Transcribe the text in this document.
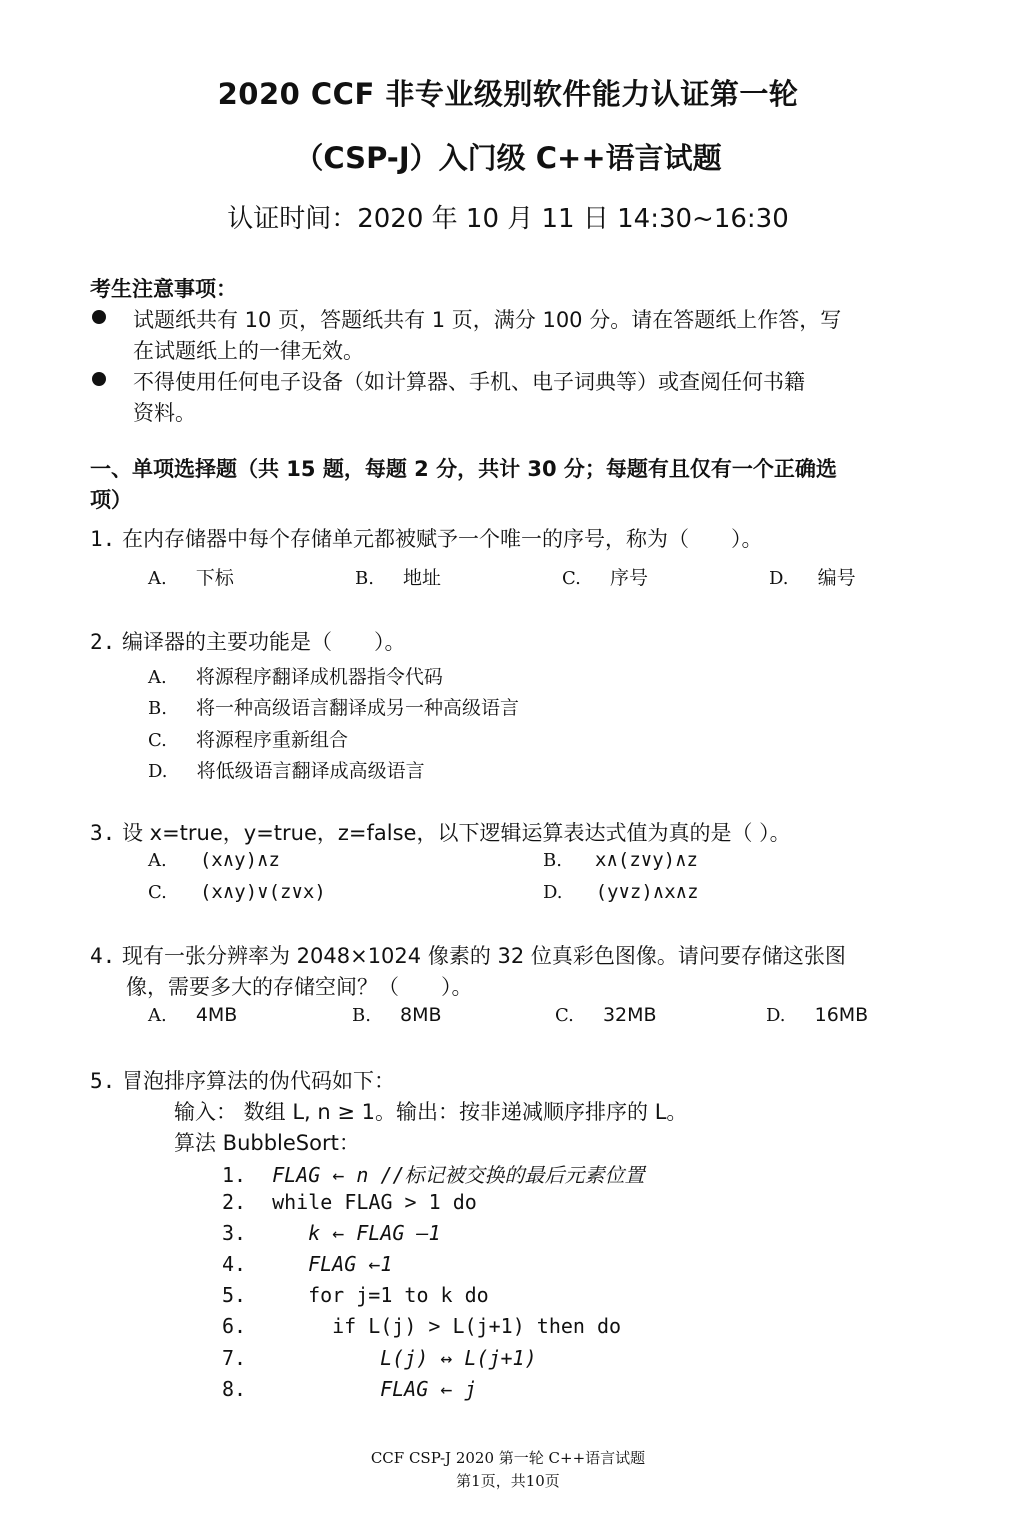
2020 CCF 非专业级别软件能力认证第一轮
（CSP-J）入门级 C++语言试题
认证时间：2020 年 10 月 11 日 14:30~16:30
考生注意事项：
试题纸共有 10 页，答题纸共有 1 页，满分 100 分。请在答题纸上作答，写
在试题纸上的一律无效。
不得使用任何电子设备（如计算器、手机、电子词典等）或查阅任何书籍
资料。
一、单项选择题（共 15 题，每题 2 分，共计 30 分；每题有且仅有一个正确选
项）
1. 在内存储器中每个存储单元都被赋予一个唯一的序号，称为（　　）。
A. 下标	B. 地址	C. 序号	D. 编号
2. 编译器的主要功能是（　　）。
A. 将源程序翻译成机器指令代码
B. 将一种高级语言翻译成另一种高级语言
C. 将源程序重新组合
D. 将低级语言翻译成高级语言
3. 设 x=true，y=true，z=false，以下逻辑运算表达式值为真的是（ ）。
A. (x∧y)∧z	B. x∧(z∨y)∧z
C. (x∧y)∨(z∨x)	D. (y∨z)∧x∧z
4. 现有一张分辨率为 2048×1024 像素的 32 位真彩色图像。请问要存储这张图
像，需要多大的存储空间？（　　）。
A. 4MB	B. 8MB	C. 32MB	D. 16MB
5. 冒泡排序算法的伪代码如下：
输入： 数组 L, n ≥ 1。输出：按非递减顺序排序的 L。
算法 BubbleSort：
1. FLAG ← n //标记被交换的最后元素位置
2. while FLAG > 1 do
3.	k ← FLAG –1
4.	FLAG ←1
5.	for j=1 to k do
6.	if L(j) > L(j+1) then do
7.	L(j) ↔ L(j+1)
8.	FLAG ← j
CCF CSP-J 2020 第一轮 C++语言试题
第1页，共10页
